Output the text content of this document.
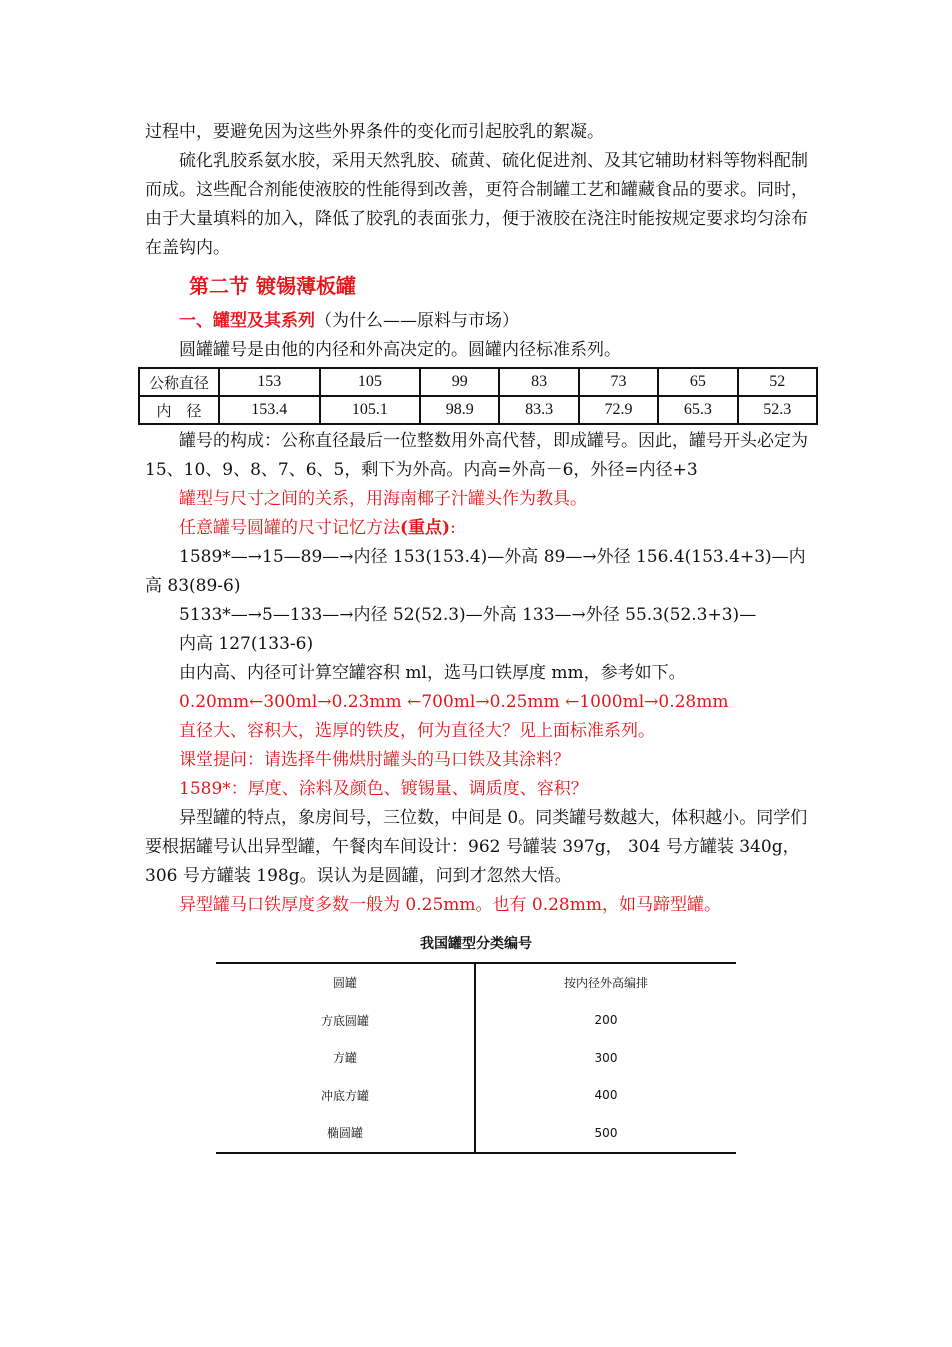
过程中，要避免因为这些外界条件的变化而引起胶乳的絮凝。

硫化乳胶系氨水胶，采用天然乳胶、硫黄、硫化促进剂、及其它辅助材料等物料配制而成。这些配合剂能使液胶的性能得到改善，更符合制罐工艺和罐藏食品的要求。同时，由于大量填料的加入，降低了胶乳的表面张力，便于液胶在浇注时能按规定要求均匀涂布在盖钩内。

第二节 镀锡薄板罐
一、罐型及其系列（为什么——原料与市场）

圆罐罐号是由他的内径和外高决定的。圆罐内径标准系列。

公称直径	153	105	99	83	73	65	52
内　径	153.4	105.1	98.9	83.3	72.9	65.3	52.3

罐号的构成：公称直径最后一位整数用外高代替，即成罐号。因此，罐号开头必定为 15、10、9、8、7、6、5，剩下为外高。内高=外高－6，外径=内径+3

罐型与尺寸之间的关系，用海南椰子汁罐头作为教具。

任意罐号圆罐的尺寸记忆方法(重点):

1589*—→15—89—→内径 153(153.4)—外高 89—→外径 156.4(153.4+3)—内高 83(89-6)

5133*—→5—133—→内径 52(52.3)—外高 133—→外径 55.3(52.3+3)—

内高 127(133-6)

由内高、内径可计算空罐容积 ml，选马口铁厚度 mm，参考如下。

0.20mm←300ml→0.23mm ←700ml→0.25mm ←1000ml→0.28mm

直径大、容积大，选厚的铁皮，何为直径大？见上面标准系列。

课堂提问：请选择牛佛烘肘罐头的马口铁及其涂料？

1589*：厚度、涂料及颜色、镀锡量、调质度、容积？

异型罐的特点，象房间号，三位数，中间是 0。同类罐号数越大，体积越小。同学们要根据罐号认出异型罐，午餐肉车间设计：962 号罐装 397g， 304 号方罐装 340g，306 号方罐装 198g。误认为是圆罐，问到才忽然大悟。

异型罐马口铁厚度多数一般为 0.25mm。也有 0.28mm，如马蹄型罐。

我国罐型分类编号
圆罐	按内径外高编排
方底圆罐	200
方罐	300
冲底方罐	400
椭圆罐	500
